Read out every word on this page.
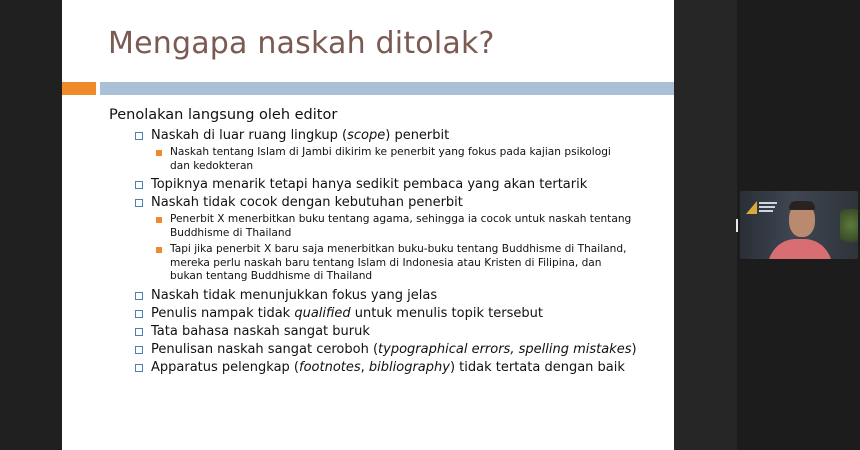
Mengapa naskah ditolak?
Penolakan langsung oleh editor
Naskah di luar ruang lingkup (scope) penerbit
Naskah tentang Islam di Jambi dikirim ke penerbit yang fokus pada kajian psikologi
dan kedokteran
Topiknya menarik tetapi hanya sedikit pembaca yang akan tertarik
Naskah tidak cocok dengan kebutuhan penerbit
Penerbit X menerbitkan buku tentang agama, sehingga ia cocok untuk naskah tentang
Buddhisme di Thailand
Tapi jika penerbit X baru saja menerbitkan buku-buku tentang Buddhisme di Thailand,
mereka perlu naskah baru tentang Islam di Indonesia atau Kristen di Filipina, dan
bukan tentang Buddhisme di Thailand
Naskah tidak menunjukkan fokus yang jelas
Penulis nampak tidak qualified untuk menulis topik tersebut
Tata bahasa naskah sangat buruk
Penulisan naskah sangat ceroboh (typographical errors, spelling mistakes)
Apparatus pelengkap (footnotes, bibliography) tidak tertata dengan baik
